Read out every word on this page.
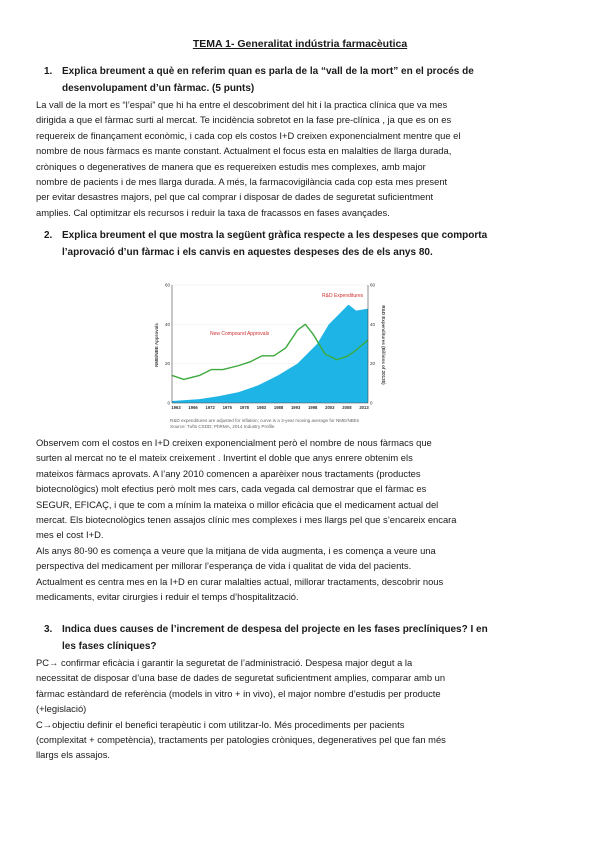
TEMA 1- Generalitat indústria farmacèutica
1. Explica breument a què en referim quan es parla de la “vall de la mort” en el procés de
desenvolupament d’un fàrmac. (5 punts)
La vall de la mort es “l’espai” que hi ha entre el descobriment del hit i la practica clínica que va mes
dirigida a que el fàrmac surti al mercat. Te incidència sobretot en la fase pre-clínica , ja que es on es
requereix de finançament econòmic, i cada cop els costos I+D creixen exponencialment mentre que el
nombre de nous fàrmacs es mante constant. Actualment el focus esta en malalties de llarga durada,
cròniques o degeneratives de manera que es requereixen estudis mes complexes, amb major
nombre de pacients i de mes llarga durada. A més, la farmacovigilància cada cop esta mes present
per evitar desastres majors, pel que cal comprar i disposar de dades de seguretat suficientment
amplies. Cal optimitzar els recursos i reduir la taxa de fracassos en fases avançades.
2. Explica breument el que mostra la següent gràfica respecte a les despeses que comporta
l’aprovació d’un fàrmac i els canvis en aquestes despeses des de els anys 80.
1963 1966 1972 1975 1978 1983 1988 1993 1998 2003 2008 2013
0
20
40
60
0
20
40
60
NME/NBE Approvals	R&D Expenditures (Billions of 2013$)
R&D Expenditures
New Compound Approvals
R&D expenditures are adjusted for inflation; curve is a 3-year moving average for NME/NBEs
Source: Tufts CSDD; PhRMA, 2014 Industry Profile
Observem com el costos en I+D creixen exponencialment però el nombre de nous fàrmacs que
surten al mercat no te el mateix creixement . Invertint el doble que anys enrere obtenim els
mateixos fàrmacs aprovats. A l’any 2010 comencen a aparèixer nous tractaments (productes
biotecnològics) molt efectius però molt mes cars, cada vegada cal demostrar que el fàrmac es
SEGUR, EFICAÇ, i que te com a mínim la mateixa o millor eficàcia que el medicament actual del
mercat. Els biotecnològics tenen assajos clínic mes complexes i mes llargs pel que s’encareix encara
mes el cost I+D.
Als anys 80-90 es comença a veure que la mitjana de vida augmenta, i es comença a veure una
perspectiva del medicament per millorar l’esperança de vida i qualitat de vida del pacients.
Actualment es centra mes en la I+D en curar malalties actual, millorar tractaments, descobrir nous
medicaments, evitar cirurgies i reduir el temps d’hospitalització.
3. Indica dues causes de l’increment de despesa del projecte en les fases preclíniques? I en
les fases clíniques?
PC→ confirmar eficàcia i garantir la seguretat de l’administració. Despesa major degut a la
necessitat de disposar d’una base de dades de seguretat suficientment amplies, comparar amb un
fàrmac estàndard de referència (models in vitro + in vivo), el major nombre d’estudis per producte
(+legislació)
C→objectiu definir el benefici terapèutic i com utilitzar-lo. Més procediments per pacients
(complexitat + competència), tractaments per patologies cròniques, degeneratives pel que fan més
llargs els assajos.
